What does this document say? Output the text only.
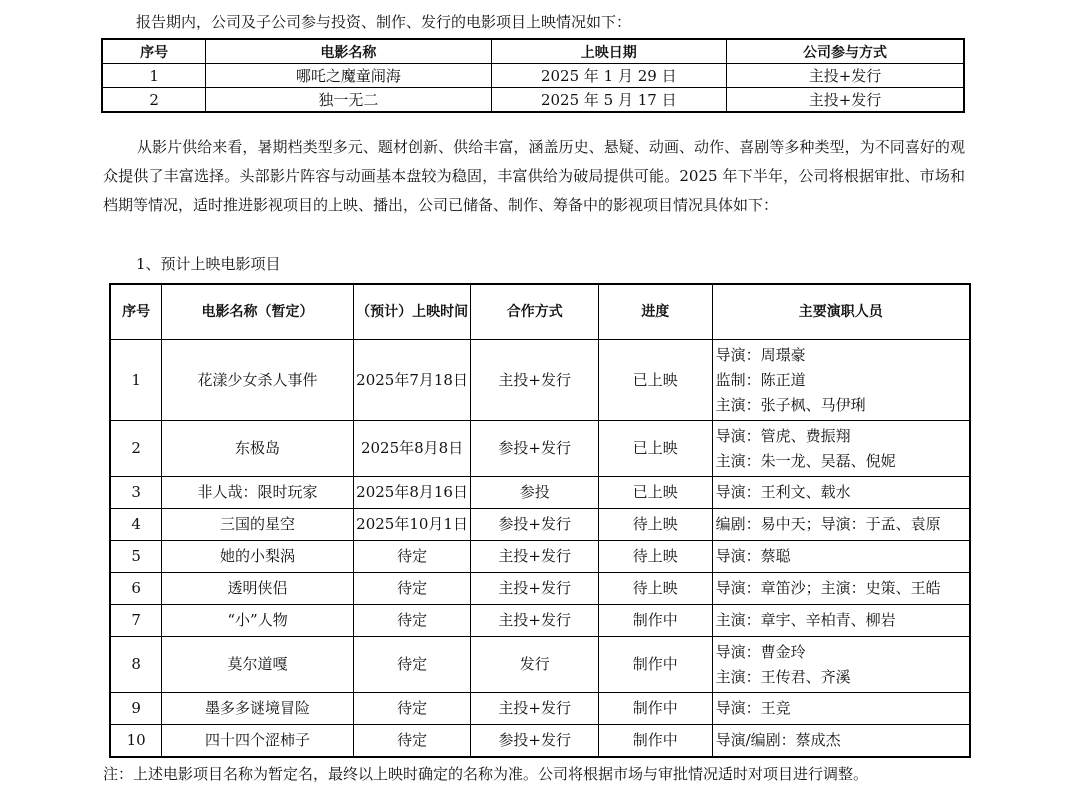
报告期内，公司及子公司参与投资、制作、发行的电影项目上映情况如下：
序号	电影名称	上映日期	公司参与方式
1	哪吒之魔童闹海	2025 年 1 月 29 日	主投+发行
2	独一无二	2025 年 5 月 17 日	主投+发行

从影片供给来看，暑期档类型多元、题材创新、供给丰富，涵盖历史、悬疑、动画、动作、喜剧等多种类型，为不同喜好的观众提供了丰富选择。头部影片阵容与动画基本盘较为稳固，丰富供给为破局提供可能。2025 年下半年，公司将根据审批、市场和档期等情况，适时推进影视项目的上映、播出，公司已储备、制作、筹备中的影视项目情况具体如下：

1、预计上映电影项目
序号	电影名称（暂定）	（预计）上映时间	合作方式	进度	主要演职人员
1	花漾少女杀人事件	2025年7月18日	主投+发行	已上映	导演：周璟豪
监制：陈正道
主演：张子枫、马伊琍

2	东极岛	2025年8月8日	参投+发行	已上映	导演：管虎、费振翔
主演：朱一龙、吴磊、倪妮

3	非人哉：限时玩家	2025年8月16日	参投	已上映	导演：王利文、载水

4	三国的星空	2025年10月1日	参投+发行	待上映	编剧：易中天；导演：于孟、袁原

5	她的小梨涡	待定	主投+发行	待上映	导演：蔡聪

6	透明侠侣	待定	主投+发行	待上映	导演：章笛沙；主演：史策、王皓

7	“小”人物	待定	主投+发行	制作中	主演：章宇、辛柏青、柳岩

8	莫尔道嘎	待定	发行	制作中	导演：曹金玲
主演：王传君、齐溪

9	墨多多谜境冒险	待定	主投+发行	制作中	导演：王竞

10	四十四个涩柿子	待定	参投+发行	制作中	导演/编剧：蔡成杰
注：上述电影项目名称为暂定名，最终以上映时确定的名称为准。公司将根据市场与审批情况适时对项目进行调整。
